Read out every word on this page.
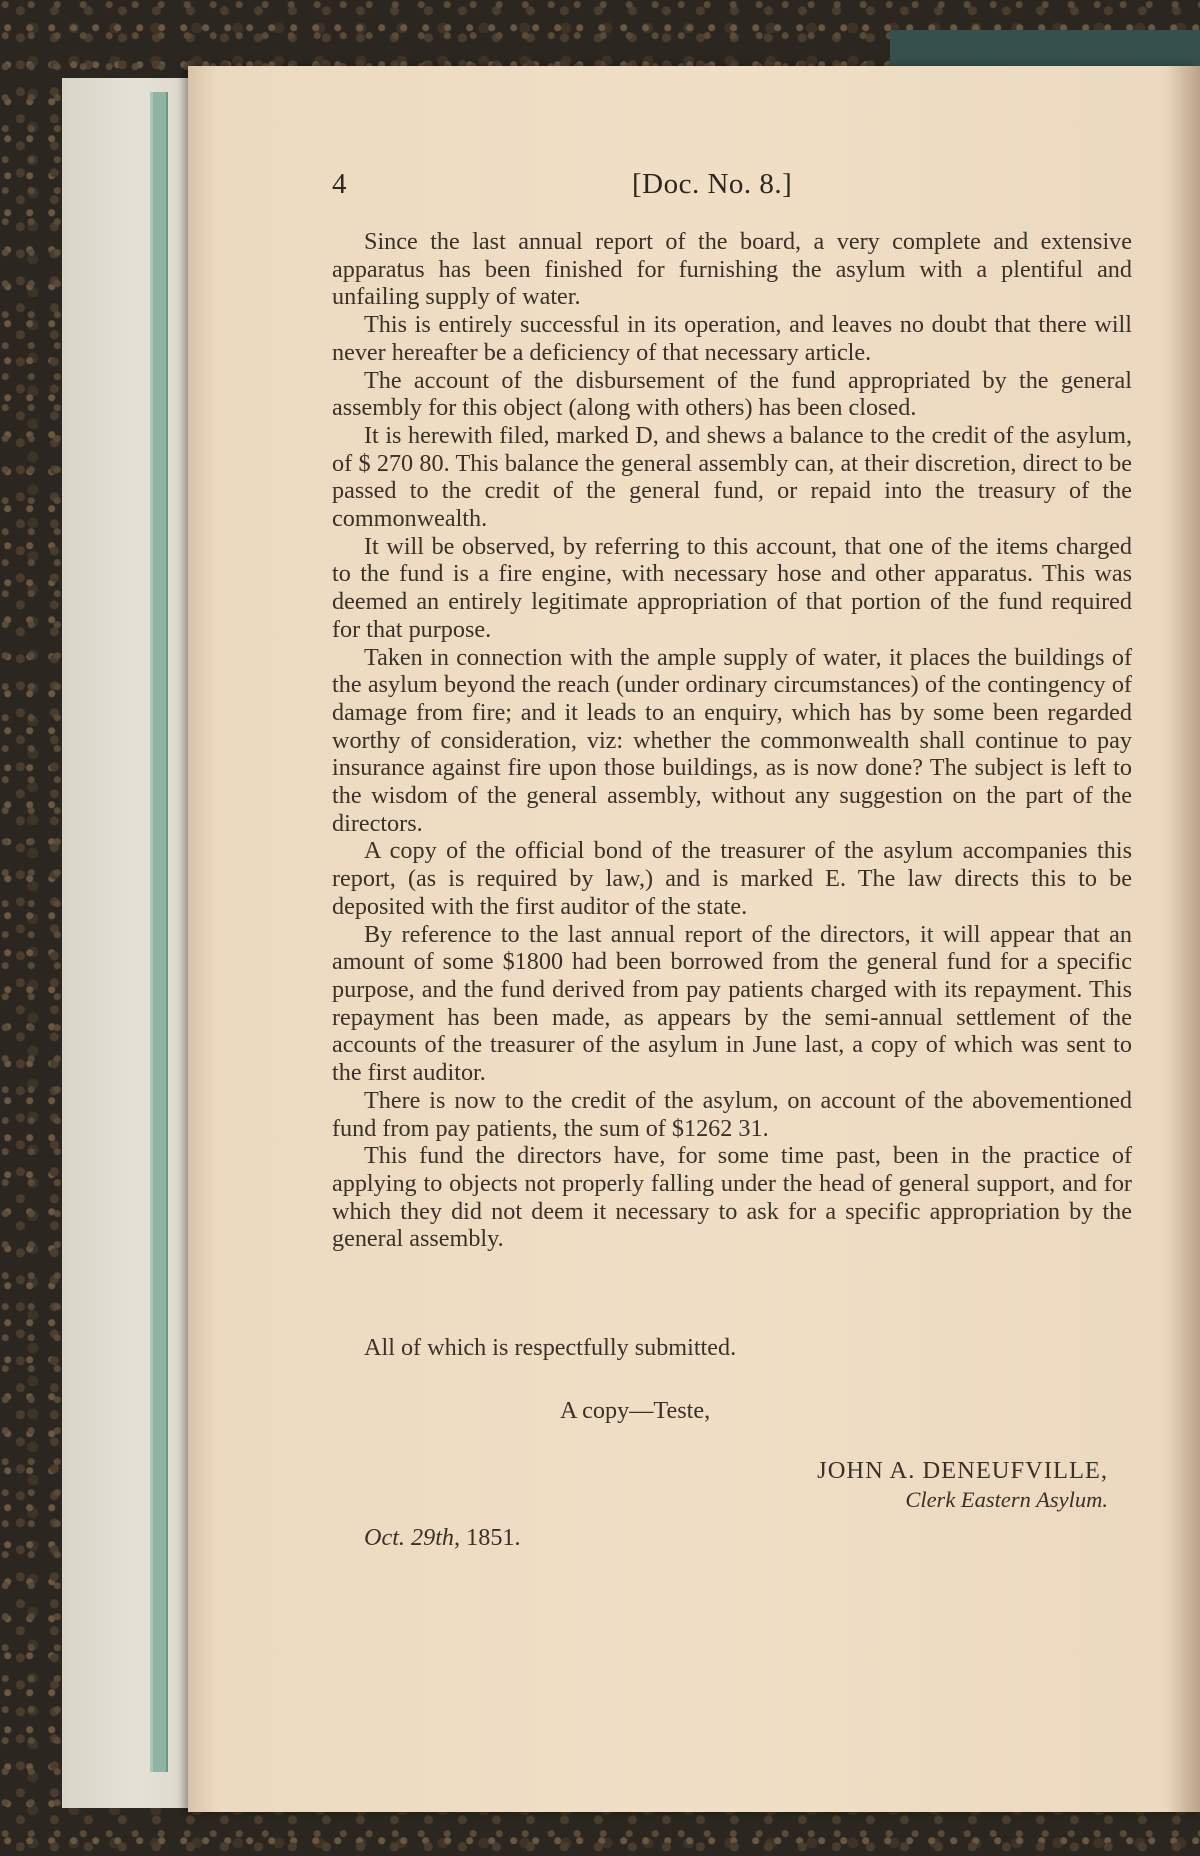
4	[Doc. No. 8.]

Since the last annual report of the board, a very complete and extensive apparatus has been finished for furnishing the asylum with a plentiful and unfailing supply of water.

This is entirely successful in its operation, and leaves no doubt that there will never hereafter be a deficiency of that necessary article.

The account of the disbursement of the fund appropriated by the general assembly for this object (along with others) has been closed.

It is herewith filed, marked D, and shews a balance to the credit of the asylum, of $ 270 80. This balance the general assembly can, at their discretion, direct to be passed to the credit of the general fund, or repaid into the treasury of the commonwealth.

It will be observed, by referring to this account, that one of the items charged to the fund is a fire engine, with necessary hose and other apparatus. This was deemed an entirely legitimate appropriation of that portion of the fund required for that purpose.

Taken in connection with the ample supply of water, it places the buildings of the asylum beyond the reach (under ordinary circumstances) of the contingency of damage from fire; and it leads to an enquiry, which has by some been regarded worthy of consideration, viz: whether the commonwealth shall continue to pay insurance against fire upon those buildings, as is now done? The subject is left to the wisdom of the general assembly, without any suggestion on the part of the directors.

A copy of the official bond of the treasurer of the asylum accompanies this report, (as is required by law,) and is marked E. The law directs this to be deposited with the first auditor of the state.

By reference to the last annual report of the directors, it will appear that an amount of some $1800 had been borrowed from the general fund for a specific purpose, and the fund derived from pay patients charged with its repayment. This repayment has been made, as appears by the semi-annual settlement of the accounts of the treasurer of the asylum in June last, a copy of which was sent to the first auditor.

There is now to the credit of the asylum, on account of the abovementioned fund from pay patients, the sum of $1262 31.

This fund the directors have, for some time past, been in the practice of applying to objects not properly falling under the head of general support, and for which they did not deem it necessary to ask for a specific appropriation by the general assembly.

All of which is respectfully submitted.
A copy—Teste,
JOHN A. DENEUFVILLE,
Clerk Eastern Asylum.
Oct. 29th, 1851.
